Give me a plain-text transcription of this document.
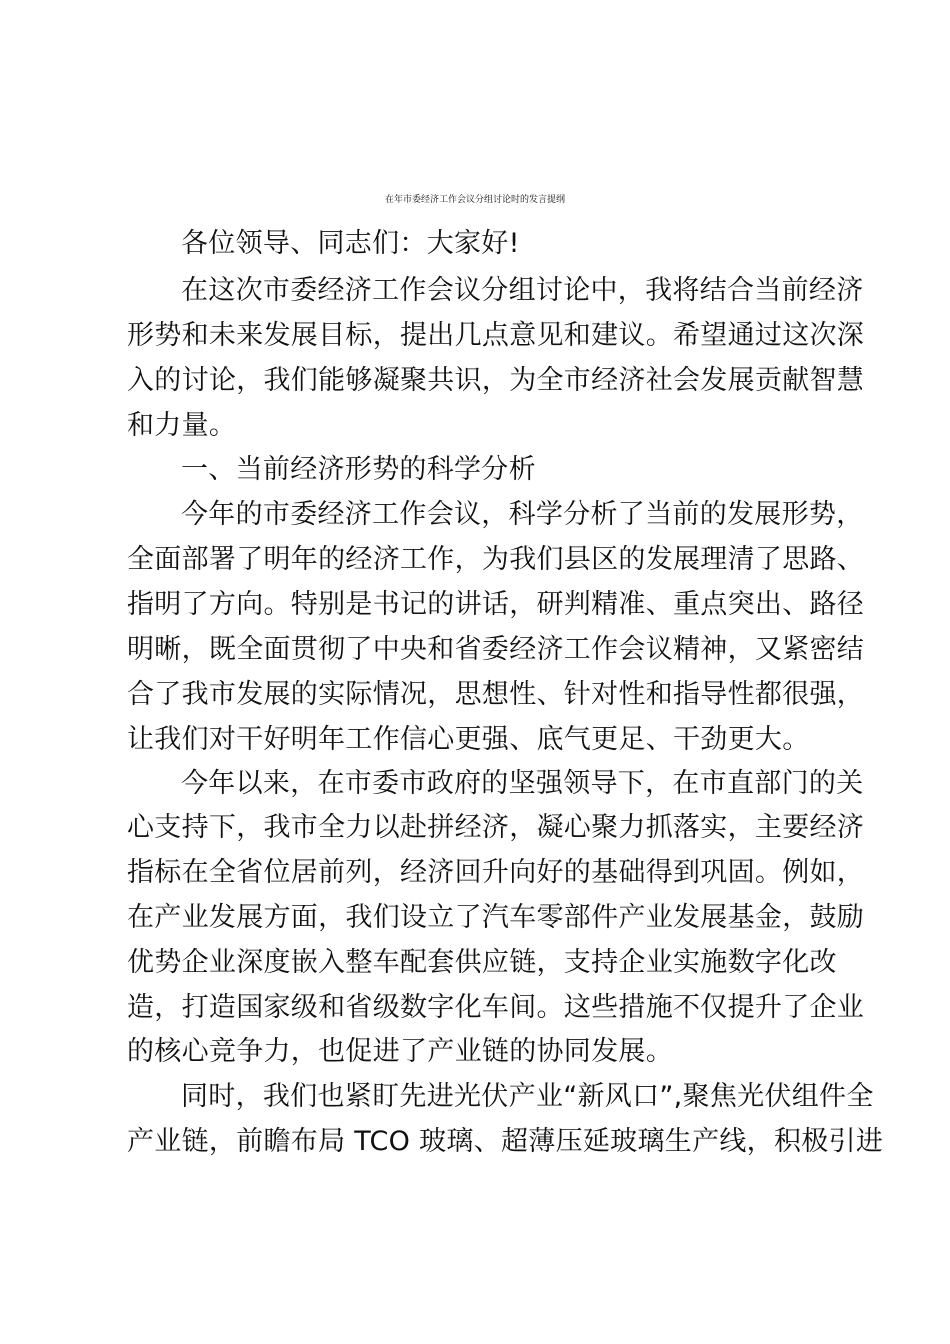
在年市委经济工作会议分组讨论时的发言提纲
各位领导、同志们：大家好!
在这次市委经济工作会议分组讨论中，我将结合当前经济
形势和未来发展目标，提出几点意见和建议。希望通过这次深
入的讨论，我们能够凝聚共识，为全市经济社会发展贡献智慧
和力量。
一、当前经济形势的科学分析
今年的市委经济工作会议，科学分析了当前的发展形势，
全面部署了明年的经济工作，为我们县区的发展理清了思路、
指明了方向。特别是书记的讲话，研判精准、重点突出、路径
明晰，既全面贯彻了中央和省委经济工作会议精神，又紧密结
合了我市发展的实际情况，思想性、针对性和指导性都很强，
让我们对干好明年工作信心更强、底气更足、干劲更大。
今年以来，在市委市政府的坚强领导下，在市直部门的关
心支持下，我市全力以赴拼经济，凝心聚力抓落实，主要经济
指标在全省位居前列，经济回升向好的基础得到巩固。例如，
在产业发展方面，我们设立了汽车零部件产业发展基金，鼓励
优势企业深度嵌入整车配套供应链，支持企业实施数字化改
造，打造国家级和省级数字化车间。这些措施不仅提升了企业
的核心竞争力，也促进了产业链的协同发展。
同时，我们也紧盯先进光伏产业“新风口”,聚焦光伏组件全
产业链，前瞻布局 TCO 玻璃、超薄压延玻璃生产线，积极引进
